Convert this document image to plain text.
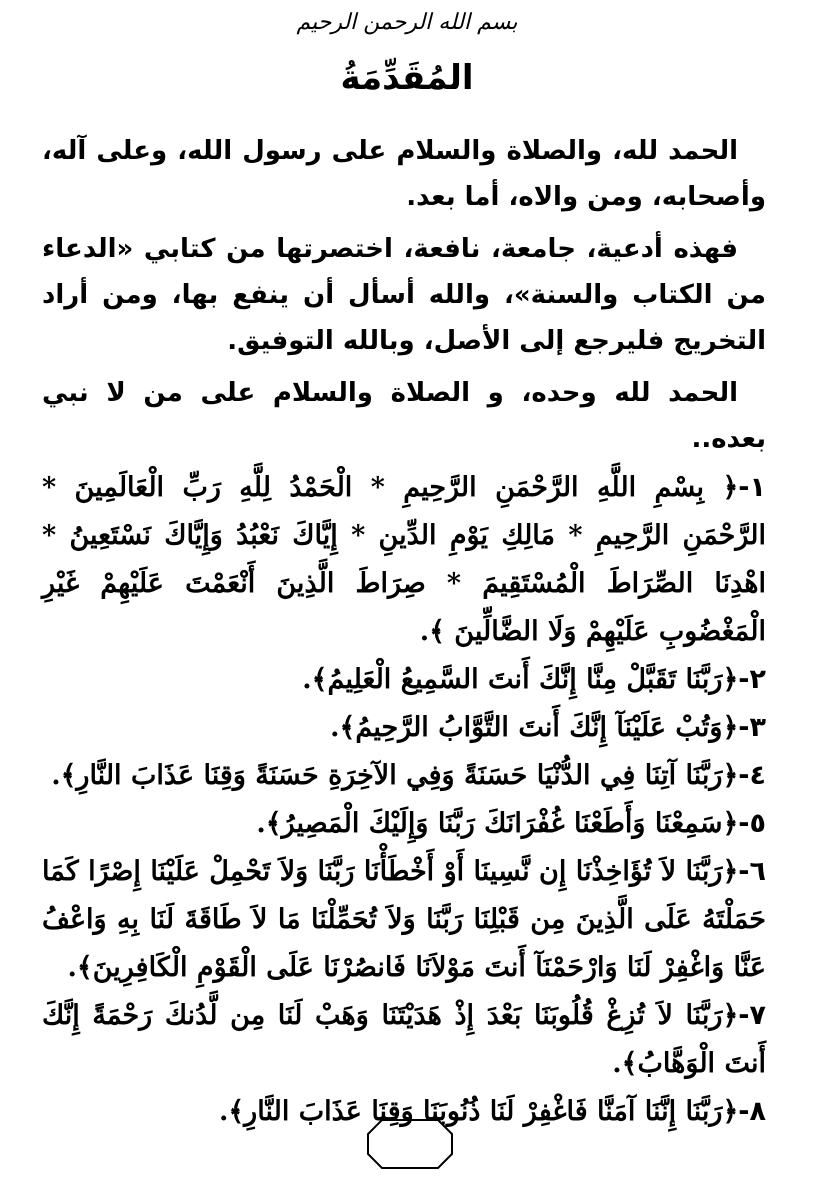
بسم الله الرحمن الرحيم
المُقَدِّمَةُ

الحمد لله، والصلاة والسلام على رسول الله، وعلى آله، وأصحابه، ومن والاه، أما بعد.

فهذه أدعية، جامعة، نافعة، اختصرتها من كتابي «الدعاء من الكتاب والسنة»، والله أسأل أن ينفع بها، ومن أراد التخريج فليرجع إلى الأصل، وبالله التوفيق.

الحمد لله وحده، و الصلاة والسلام على من لا نبي بعده..

١-﴿ بِسْمِ اللَّهِ الرَّحْمَنِ الرَّحِيمِ * الْحَمْدُ لِلَّهِ رَبِّ الْعَالَمِينَ * الرَّحْمَنِ الرَّحِيمِ * مَالِكِ يَوْمِ الدِّينِ * إِيَّاكَ نَعْبُدُ وَإِيَّاكَ نَسْتَعِينُ * اهْدِنَا الصِّرَاطَ الْمُسْتَقِيمَ * صِرَاطَ الَّذِينَ أَنْعَمْتَ عَلَيْهِمْ غَيْرِ الْمَغْضُوبِ عَلَيْهِمْ وَلَا الضَّالِّينَ ﴾.
٢-﴿رَبَّنَا تَقَبَّلْ مِنَّا إِنَّكَ أَنتَ السَّمِيعُ الْعَلِيمُ﴾.
٣-﴿وَتُبْ عَلَيْنَآ إِنَّكَ أَنتَ التَّوَّابُ الرَّحِيمُ﴾.
٤-﴿رَبَّنَا آتِنَا فِي الدُّنْيَا حَسَنَةً وَفِي الآخِرَةِ حَسَنَةً وَقِنَا عَذَابَ النَّارِ﴾.
٥-﴿سَمِعْنَا وَأَطَعْنَا غُفْرَانَكَ رَبَّنَا وَإِلَيْكَ الْمَصِيرُ﴾.
٦-﴿رَبَّنَا لاَ تُؤَاخِذْنَا إِن نَّسِينَا أَوْ أَخْطَأْنَا رَبَّنَا وَلاَ تَحْمِلْ عَلَيْنَا إِصْرًا كَمَا حَمَلْتَهُ عَلَى الَّذِينَ مِن قَبْلِنَا رَبَّنَا وَلاَ تُحَمِّلْنَا مَا لاَ طَاقَةَ لَنَا بِهِ وَاعْفُ عَنَّا وَاغْفِرْ لَنَا وَارْحَمْنَآ أَنتَ مَوْلاَنَا فَانصُرْنَا عَلَى الْقَوْمِ الْكَافِرِينَ﴾.
٧-﴿رَبَّنَا لاَ تُزِغْ قُلُوبَنَا بَعْدَ إِذْ هَدَيْتَنَا وَهَبْ لَنَا مِن لَّدُنكَ رَحْمَةً إِنَّكَ أَنتَ الْوَهَّابُ﴾.
٨-﴿رَبَّنَا إِنَّنَا آمَنَّا فَاغْفِرْ لَنَا ذُنُوبَنَا وَقِنَا عَذَابَ النَّارِ﴾.
